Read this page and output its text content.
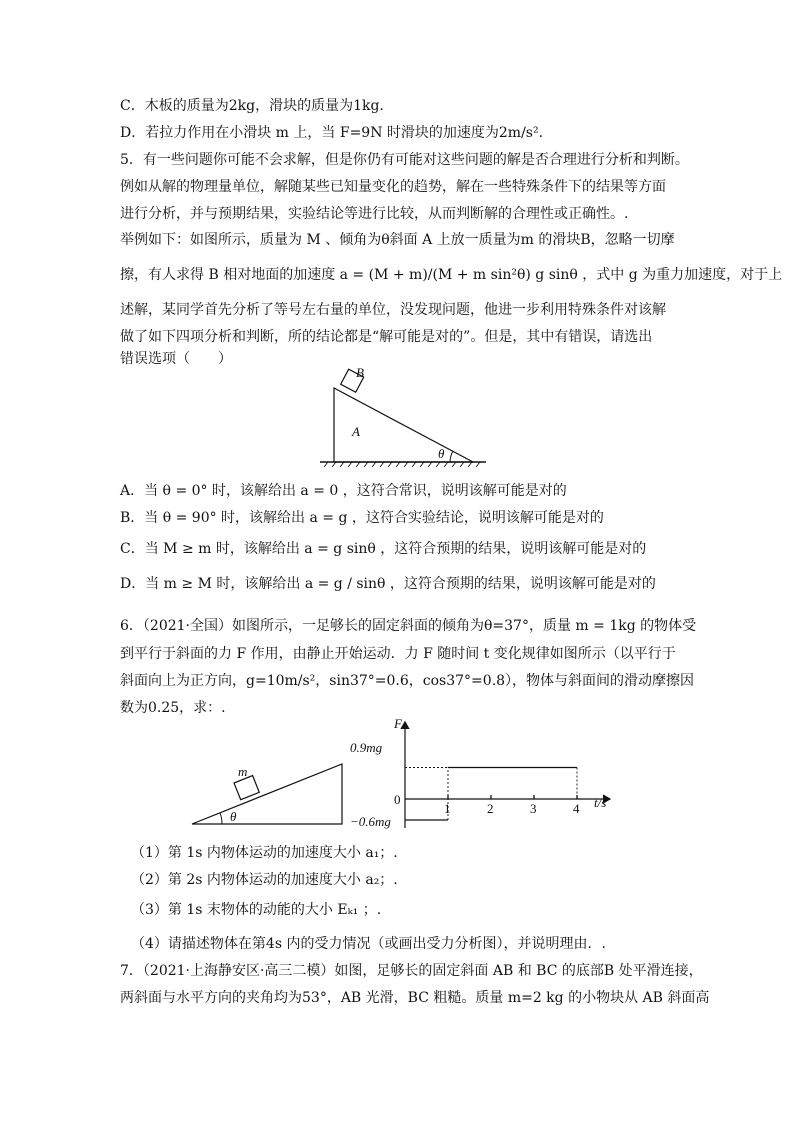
C．木板的质量为2kg，滑块的质量为1kg.
D．若拉力作用在小滑块 m 上，当 F=9N 时滑块的加速度为2m/s².
5．有一些问题你可能不会求解，但是你仍有可能对这些问题的解是否合理进行分析和判断。
例如从解的物理量单位，解随某些已知量变化的趋势，解在一些特殊条件下的结果等方面
进行分析，并与预期结果，实验结论等进行比较，从而判断解的合理性或正确性。.
举例如下：如图所示，质量为 M 、倾角为θ斜面 A 上放一质量为m 的滑块B，忽略一切摩
擦，有人求得 B 相对地面的加速度 a = (M + m)/(M + m sin²θ) g sinθ ，式中 g 为重力加速度，对于上
述解，某同学首先分析了等号左右量的单位，没发现问题，他进一步利用特殊条件对该解
做了如下四项分析和判断，所的结论都是“解可能是对的”。但是，其中有错误，请选出
错误选项（　　）
B
A
θ
A．当 θ = 0° 时，该解给出 a = 0 ，这符合常识，说明该解可能是对的
B．当 θ = 90° 时，该解给出 a = g ，这符合实验结论，说明该解可能是对的
C．当 M ≥ m 时，该解给出 a = g sinθ ，这符合预期的结果，说明该解可能是对的
D．当 m ≥ M 时，该解给出 a = g / sinθ ，这符合预期的结果，说明该解可能是对的
6．（2021·全国）如图所示，一足够长的固定斜面的倾角为θ=37°，质量 m = 1kg 的物体受
到平行于斜面的力 F 作用，由静止开始运动．力 F 随时间 t 变化规律如图所示（以平行于
斜面向上为正方向，g=10m/s²，sin37°=0.6，cos37°=0.8），物体与斜面间的滑动摩擦因
数为0.25，求：.
m
θ
F
t/s
0.9mg
0
−0.6mg
1	2	3	4
（1）第 1s 内物体运动的加速度大小 a₁；.
（2）第 2s 内物体运动的加速度大小 a₂；.
（3）第 1s 末物体的动能的大小 Eₖ₁ ；.
（4）请描述物体在第4s 内的受力情况（或画出受力分析图），并说明理由．.
7．（2021·上海静安区·高三二模）如图，足够长的固定斜面 AB 和 BC 的底部B 处平滑连接，
两斜面与水平方向的夹角均为53°，AB 光滑，BC 粗糙。质量 m=2 kg 的小物块从 AB 斜面高
